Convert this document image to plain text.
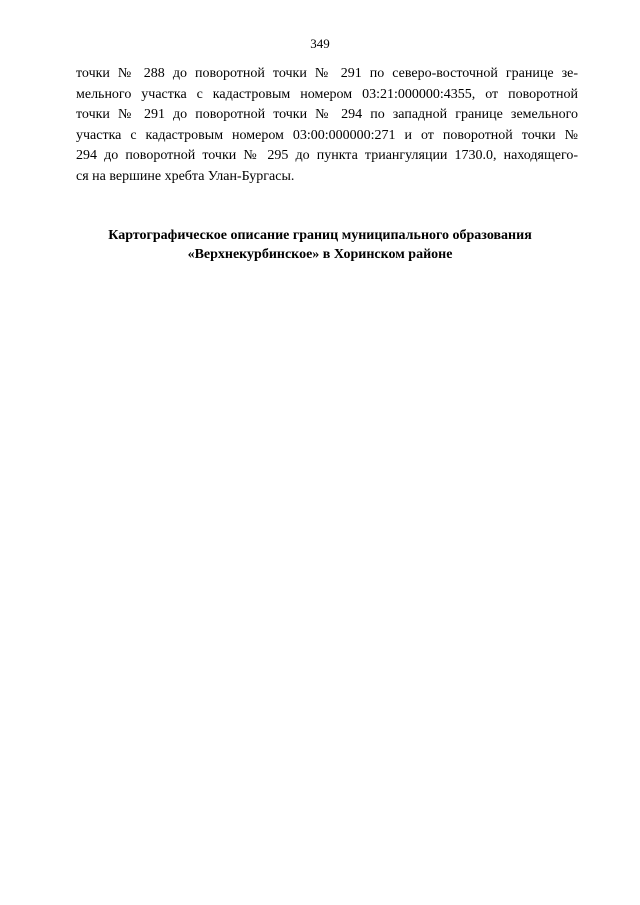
349
точки № 288 до поворотной точки № 291 по северо-восточной границе зе-
мельного участка с кадастровым номером 03:21:000000:4355, от поворотной
точки № 291 до поворотной точки № 294 по западной границе земельного
участка с кадастровым номером 03:00:000000:271 и от поворотной точки №
294 до поворотной точки № 295 до пункта триангуляции 1730.0, находящего-
ся на вершине хребта Улан-Бургасы.
Картографическое описание границ муниципального образования
«Верхнекурбинское» в Хоринском районе
